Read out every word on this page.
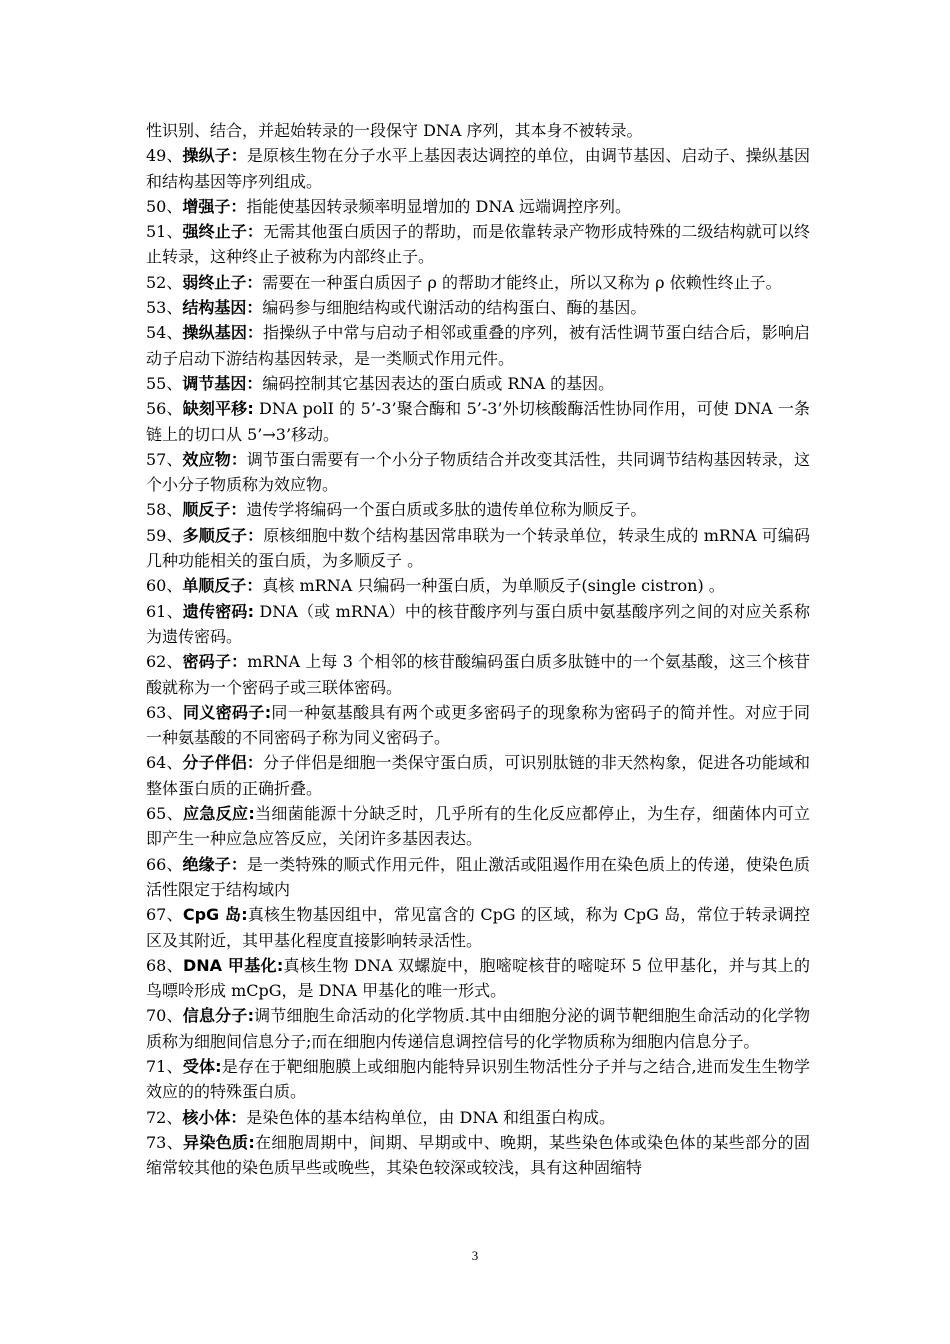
性识别、结合，并起始转录的一段保守 DNA 序列，其本身不被转录。

49、操纵子：是原核生物在分子水平上基因表达调控的单位，由调节基因、启动子、操纵基因和结构基因等序列组成。

50、增强子：指能使基因转录频率明显增加的 DNA 远端调控序列。

51、强终止子：无需其他蛋白质因子的帮助，而是依靠转录产物形成特殊的二级结构就可以终止转录，这种终止子被称为内部终止子。

52、弱终止子：需要在一种蛋白质因子 ρ 的帮助才能终止，所以又称为 ρ 依赖性终止子。

53、结构基因：编码参与细胞结构或代谢活动的结构蛋白、酶的基因。

54、操纵基因：指操纵子中常与启动子相邻或重叠的序列，被有活性调节蛋白结合后，影响启动子启动下游结构基因转录，是一类顺式作用元件。

55、调节基因：编码控制其它基因表达的蛋白质或 RNA 的基因。

56、缺刻平移: DNA polI 的 5’-3’聚合酶和 5’-3’外切核酸酶活性协同作用，可使 DNA 一条链上的切口从 5’→3’移动。

57、效应物：调节蛋白需要有一个小分子物质结合并改变其活性，共同调节结构基因转录，这个小分子物质称为效应物。

58、顺反子：遗传学将编码一个蛋白质或多肽的遗传单位称为顺反子。

59、多顺反子：原核细胞中数个结构基因常串联为一个转录单位，转录生成的 mRNA 可编码几种功能相关的蛋白质，为多顺反子 。

60、单顺反子：真核 mRNA 只编码一种蛋白质，为单顺反子(single cistron) 。

61、遗传密码: DNA（或 mRNA）中的核苷酸序列与蛋白质中氨基酸序列之间的对应关系称为遗传密码。

62、密码子：mRNA 上每 3 个相邻的核苷酸编码蛋白质多肽链中的一个氨基酸，这三个核苷酸就称为一个密码子或三联体密码。

63、同义密码子:同一种氨基酸具有两个或更多密码子的现象称为密码子的简并性。对应于同一种氨基酸的不同密码子称为同义密码子。

64、分子伴侣：分子伴侣是细胞一类保守蛋白质，可识别肽链的非天然构象，促进各功能域和整体蛋白质的正确折叠。

65、应急反应:当细菌能源十分缺乏时，几乎所有的生化反应都停止，为生存，细菌体内可立即产生一种应急应答反应，关闭许多基因表达。

66、绝缘子：是一类特殊的顺式作用元件，阻止激活或阻遏作用在染色质上的传递，使染色质活性限定于结构域内

67、CpG 岛:真核生物基因组中，常见富含的 CpG 的区域，称为 CpG 岛，常位于转录调控区及其附近，其甲基化程度直接影响转录活性。

68、DNA 甲基化:真核生物 DNA 双螺旋中，胞嘧啶核苷的嘧啶环 5 位甲基化，并与其上的鸟嘌呤形成 mCpG，是 DNA 甲基化的唯一形式。

70、信息分子:调节细胞生命活动的化学物质.其中由细胞分泌的调节靶细胞生命活动的化学物质称为细胞间信息分子;而在细胞内传递信息调控信号的化学物质称为细胞内信息分子。

71、受体:是存在于靶细胞膜上或细胞内能特异识别生物活性分子并与之结合,进而发生生物学效应的的特殊蛋白质。

72、核小体：是染色体的基本结构单位，由 DNA 和组蛋白构成。

73、异染色质:在细胞周期中，间期、早期或中、晚期，某些染色体或染色体的某些部分的固缩常较其他的染色质早些或晚些，其染色较深或较浅，具有这种固缩特

3
